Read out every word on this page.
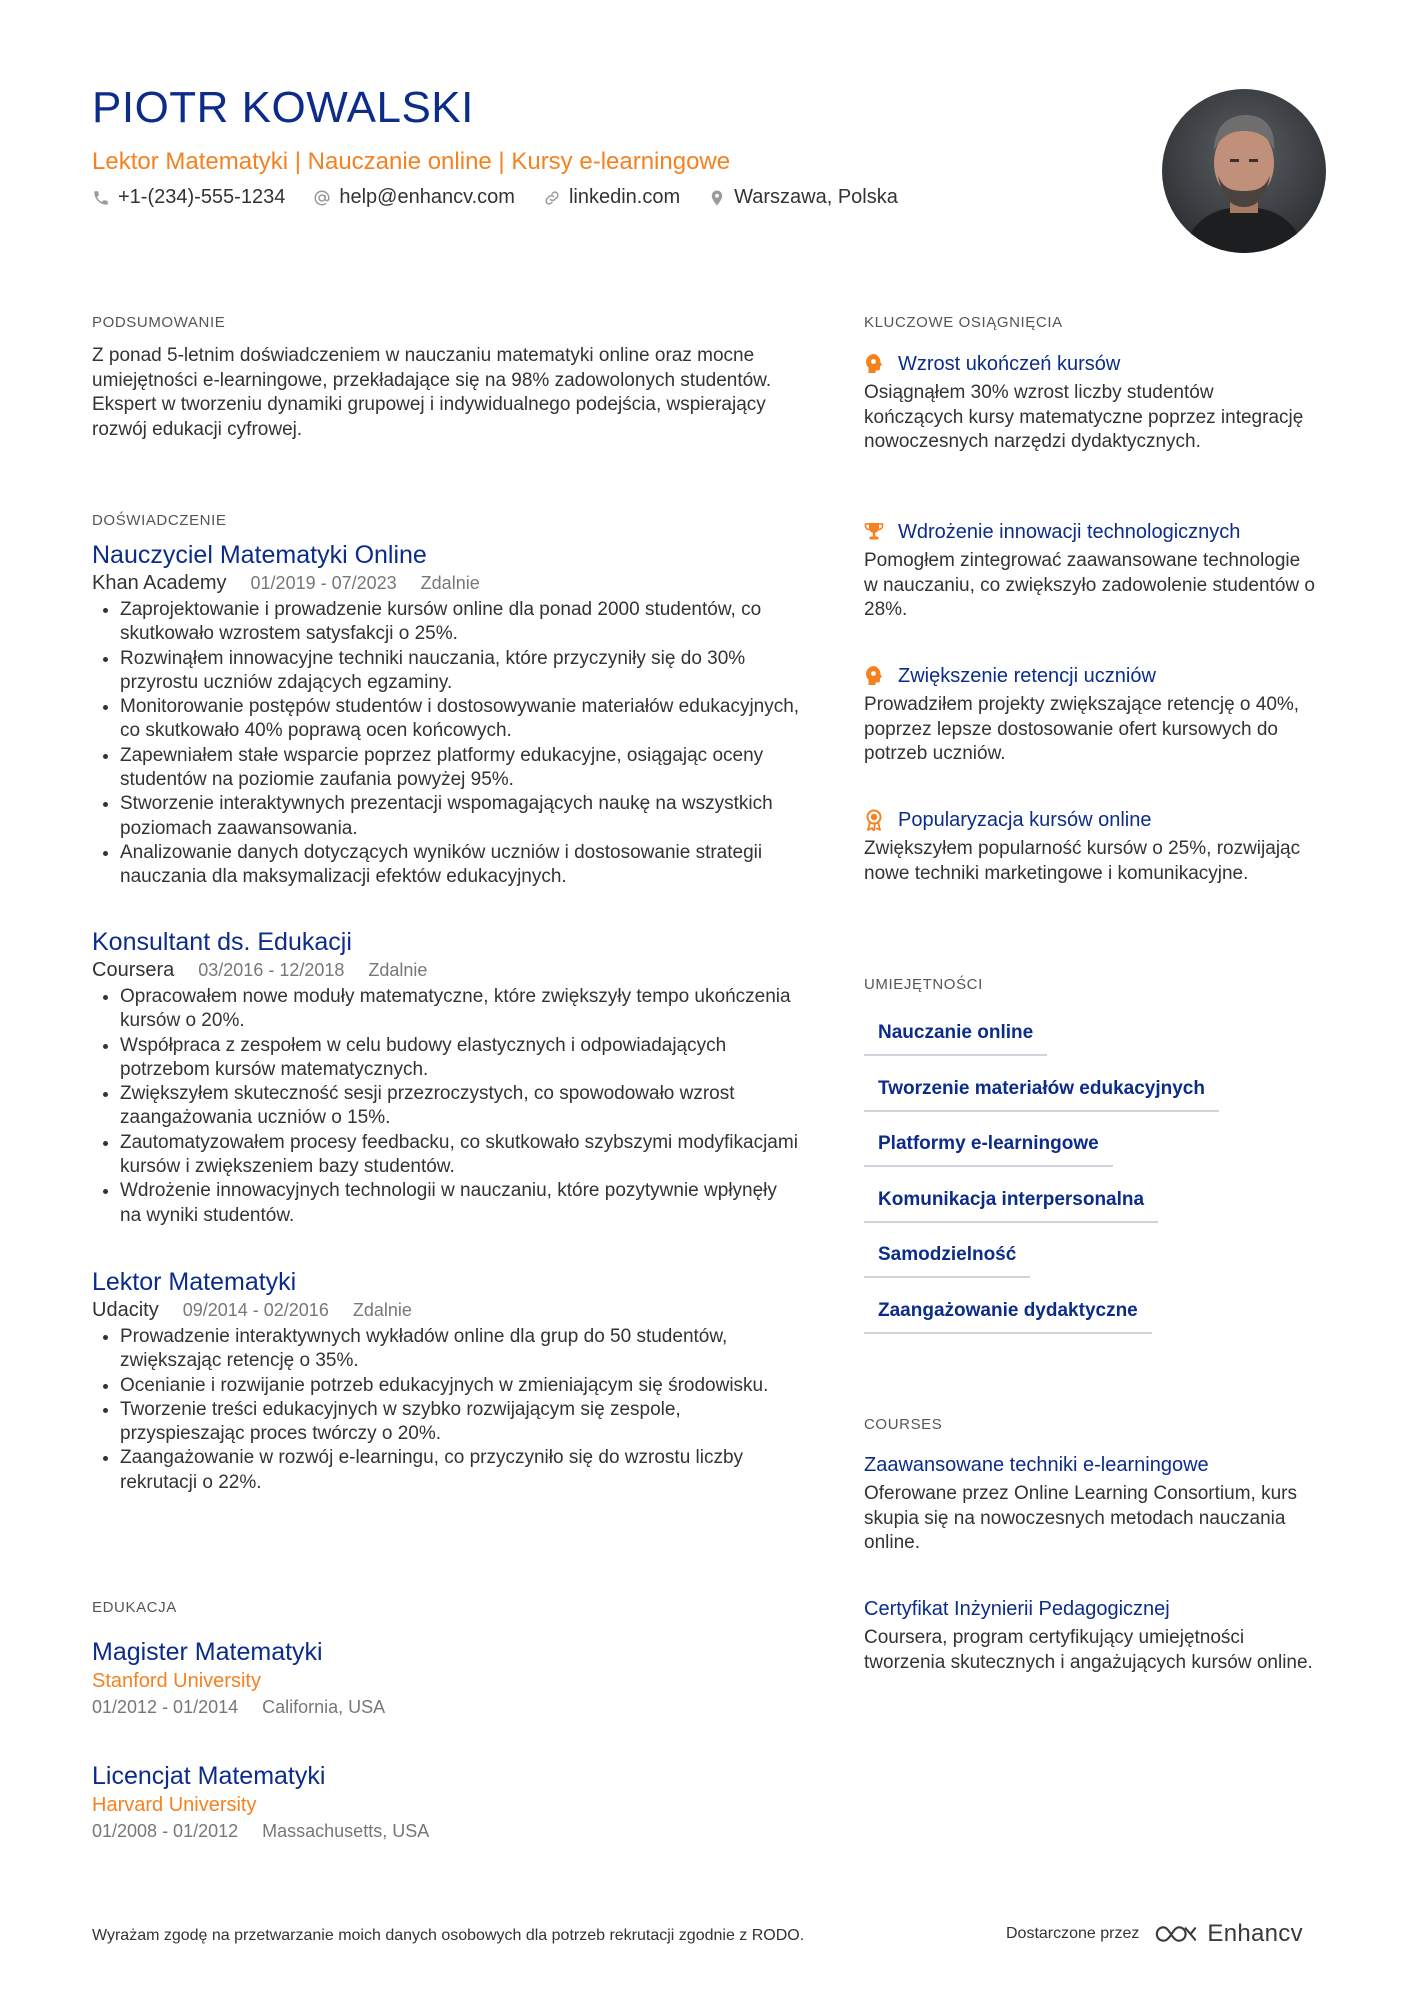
PIOTR KOWALSKI
Lektor Matematyki | Nauczanie online | Kursy e-learningowe
+1-(234)-555-1234	help@enhancv.com	linkedin.com	Warszawa, Polska
PODSUMOWANIE
Z ponad 5-letnim doświadczeniem w nauczaniu matematyki online oraz mocne umiejętności e-learningowe, przekładające się na 98% zadowolonych studentów. Ekspert w tworzeniu dynamiki grupowej i indywidualnego podejścia, wspierający rozwój edukacji cyfrowej.
DOŚWIADCZENIE
Nauczyciel Matematyki Online
Khan Academy 01/2019 - 07/2023 Zdalnie
• Zaprojektowanie i prowadzenie kursów online dla ponad 2000 studentów, co skutkowało wzrostem satysfakcji o 25%.
• Rozwinąłem innowacyjne techniki nauczania, które przyczyniły się do 30% przyrostu uczniów zdających egzaminy.
• Monitorowanie postępów studentów i dostosowywanie materiałów edukacyjnych, co skutkowało 40% poprawą ocen końcowych.
• Zapewniałem stałe wsparcie poprzez platformy edukacyjne, osiągając oceny studentów na poziomie zaufania powyżej 95%.
• Stworzenie interaktywnych prezentacji wspomagających naukę na wszystkich poziomach zaawansowania.
• Analizowanie danych dotyczących wyników uczniów i dostosowanie strategii nauczania dla maksymalizacji efektów edukacyjnych.
Konsultant ds. Edukacji
Coursera 03/2016 - 12/2018 Zdalnie
• Opracowałem nowe moduły matematyczne, które zwiększyły tempo ukończenia kursów o 20%.
• Współpraca z zespołem w celu budowy elastycznych i odpowiadających potrzebom kursów matematycznych.
• Zwiększyłem skuteczność sesji przezroczystych, co spowodowało wzrost zaangażowania uczniów o 15%.
• Zautomatyzowałem procesy feedbacku, co skutkowało szybszymi modyfikacjami kursów i zwiększeniem bazy studentów.
• Wdrożenie innowacyjnych technologii w nauczaniu, które pozytywnie wpłynęły na wyniki studentów.
Lektor Matematyki
Udacity 09/2014 - 02/2016 Zdalnie
• Prowadzenie interaktywnych wykładów online dla grup do 50 studentów, zwiększając retencję o 35%.
• Ocenianie i rozwijanie potrzeb edukacyjnych w zmieniającym się środowisku.
• Tworzenie treści edukacyjnych w szybko rozwijającym się zespole, przyspieszając proces twórczy o 20%.
• Zaangażowanie w rozwój e-learningu, co przyczyniło się do wzrostu liczby rekrutacji o 22%.
EDUKACJA
Magister Matematyki
Stanford University
01/2012 - 01/2014 California, USA
Licencjat Matematyki
Harvard University
01/2008 - 01/2012 Massachusetts, USA
KLUCZOWE OSIĄGNIĘCIA
Wzrost ukończeń kursów
Osiągnąłem 30% wzrost liczby studentów kończących kursy matematyczne poprzez integrację nowoczesnych narzędzi dydaktycznych.
Wdrożenie innowacji technologicznych
Pomogłem zintegrować zaawansowane technologie w nauczaniu, co zwiększyło zadowolenie studentów o 28%.
Zwiększenie retencji uczniów
Prowadziłem projekty zwiększające retencję o 40%, poprzez lepsze dostosowanie ofert kursowych do potrzeb uczniów.
Popularyzacja kursów online
Zwiększyłem popularność kursów o 25%, rozwijając nowe techniki marketingowe i komunikacyjne.
UMIEJĘTNOŚCI
Nauczanie online
Tworzenie materiałów edukacyjnych
Platformy e-learningowe
Komunikacja interpersonalna
Samodzielność
Zaangażowanie dydaktyczne
COURSES
Zaawansowane techniki e-learningowe
Oferowane przez Online Learning Consortium, kurs skupia się na nowoczesnych metodach nauczania online.
Certyfikat Inżynierii Pedagogicznej
Coursera, program certyfikujący umiejętności tworzenia skutecznych i angażujących kursów online.
Wyrażam zgodę na przetwarzanie moich danych osobowych dla potrzeb rekrutacji zgodnie z RODO.	Dostarczone przez	Enhancv
